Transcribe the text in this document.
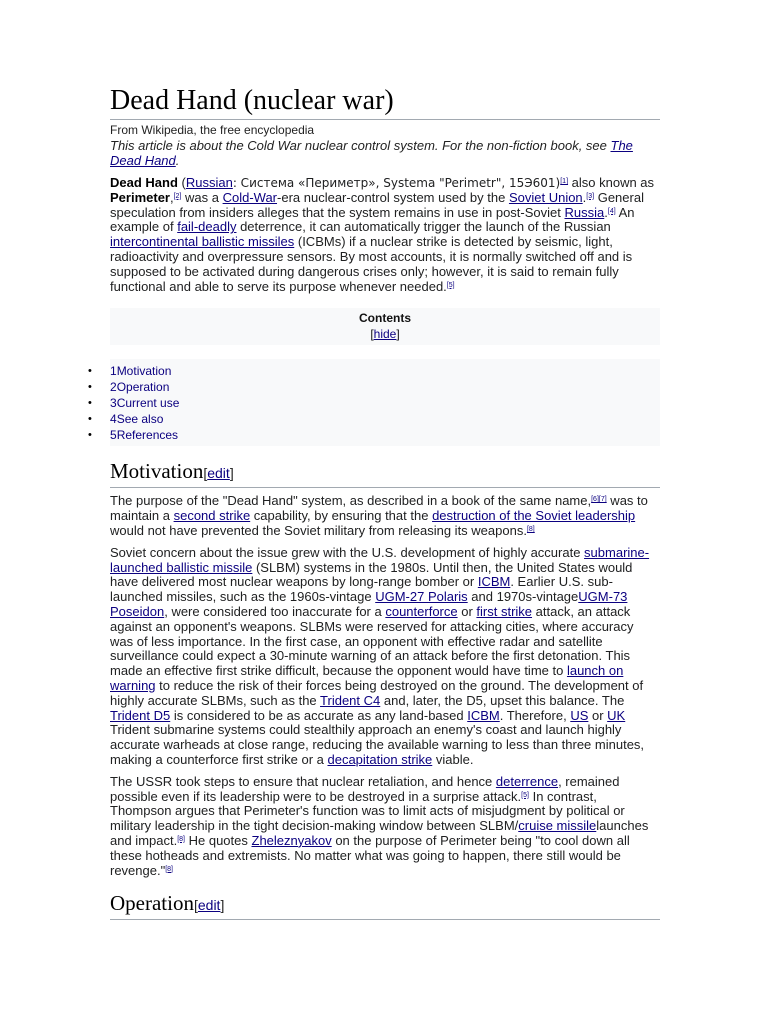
Dead Hand (nuclear war)
From Wikipedia, the free encyclopedia
This article is about the Cold War nuclear control system. For the non-fiction book, see The Dead Hand.

Dead Hand (Russian: Система «Периметр», Systema "Perimetr", 15Э601)[1] also known as Perimeter,[2] was a Cold-War-era nuclear-control system used by the Soviet Union.[3] General speculation from insiders alleges that the system remains in use in post-Soviet Russia.[4] An example of fail-deadly deterrence, it can automatically trigger the launch of the Russian intercontinental ballistic missiles (ICBMs) if a nuclear strike is detected by seismic, light, radioactivity and overpressure sensors. By most accounts, it is normally switched off and is supposed to be activated during dangerous crises only; however, it is said to remain fully functional and able to serve its purpose whenever needed.[5]

Contents
[hide]
• 1Motivation
• 2Operation
• 3Current use
• 4See also
• 5References
Motivation[edit]

The purpose of the "Dead Hand" system, as described in a book of the same name,[6][7] was to maintain a second strike capability, by ensuring that the destruction of the Soviet leadership would not have prevented the Soviet military from releasing its weapons.[8]

Soviet concern about the issue grew with the U.S. development of highly accurate submarine-launched ballistic missile (SLBM) systems in the 1980s. Until then, the United States would have delivered most nuclear weapons by long-range bomber or ICBM. Earlier U.S. sub-launched missiles, such as the 1960s-vintage UGM-27 Polaris and 1970s-vintageUGM-73 Poseidon, were considered too inaccurate for a counterforce or first strike attack, an attack against an opponent's weapons. SLBMs were reserved for attacking cities, where accuracy was of less importance. In the first case, an opponent with effective radar and satellite surveillance could expect a 30-minute warning of an attack before the first detonation. This made an effective first strike difficult, because the opponent would have time to launch on warning to reduce the risk of their forces being destroyed on the ground. The development of highly accurate SLBMs, such as the Trident C4 and, later, the D5, upset this balance. The Trident D5 is considered to be as accurate as any land-based ICBM. Therefore, US or UK Trident submarine systems could stealthily approach an enemy's coast and launch highly accurate warheads at close range, reducing the available warning to less than three minutes, making a counterforce first strike or a decapitation strike viable.

The USSR took steps to ensure that nuclear retaliation, and hence deterrence, remained possible even if its leadership were to be destroyed in a surprise attack.[5] In contrast, Thompson argues that Perimeter's function was to limit acts of misjudgment by political or military leadership in the tight decision-making window between SLBM/cruise missilelaunches and impact.[8] He quotes Zheleznyakov on the purpose of Perimeter being "to cool down all these hotheads and extremists. No matter what was going to happen, there still would be revenge."[8]

Operation[edit]
